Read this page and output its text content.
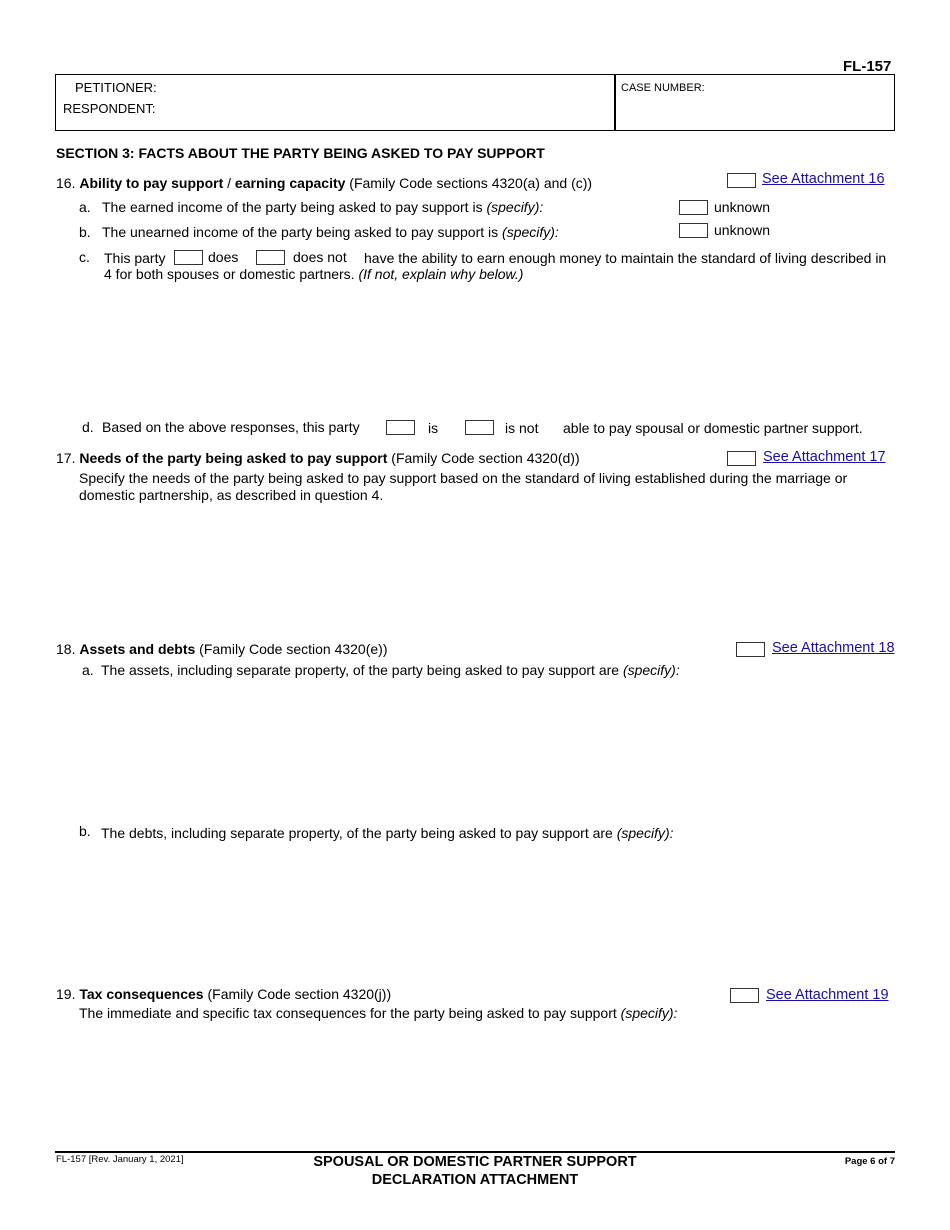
FL-157
PETITIONER:
RESPONDENT:
CASE NUMBER:
SECTION 3: FACTS ABOUT THE PARTY BEING ASKED TO PAY SUPPORT
16. Ability to pay support / earning capacity (Family Code sections 4320(a) and (c))	See Attachment 16
a. The earned income of the party being asked to pay support is (specify):	unknown
b. The unearned income of the party being asked to pay support is (specify):	unknown
c. This party	does	does not have the ability to earn enough money to maintain the standard of living described in
4 for both spouses or domestic partners. (If not, explain why below.)
d. Based on the above responses, this party	is	is not able to pay spousal or domestic partner support.
17. Needs of the party being asked to pay support (Family Code section 4320(d))	See Attachment 17
Specify the needs of the party being asked to pay support based on the standard of living established during the marriage or
domestic partnership, as described in question 4.
18. Assets and debts (Family Code section 4320(e))	See Attachment 18
a. The assets, including separate property, of the party being asked to pay support are (specify):
b. The debts, including separate property, of the party being asked to pay support are (specify):
19. Tax consequences (Family Code section 4320(j))	See Attachment 19
The immediate and specific tax consequences for the party being asked to pay support (specify):
FL-157 [Rev. January 1, 2021]	SPOUSAL OR DOMESTIC PARTNER SUPPORT
DECLARATION ATTACHMENT
Page 6 of 7
